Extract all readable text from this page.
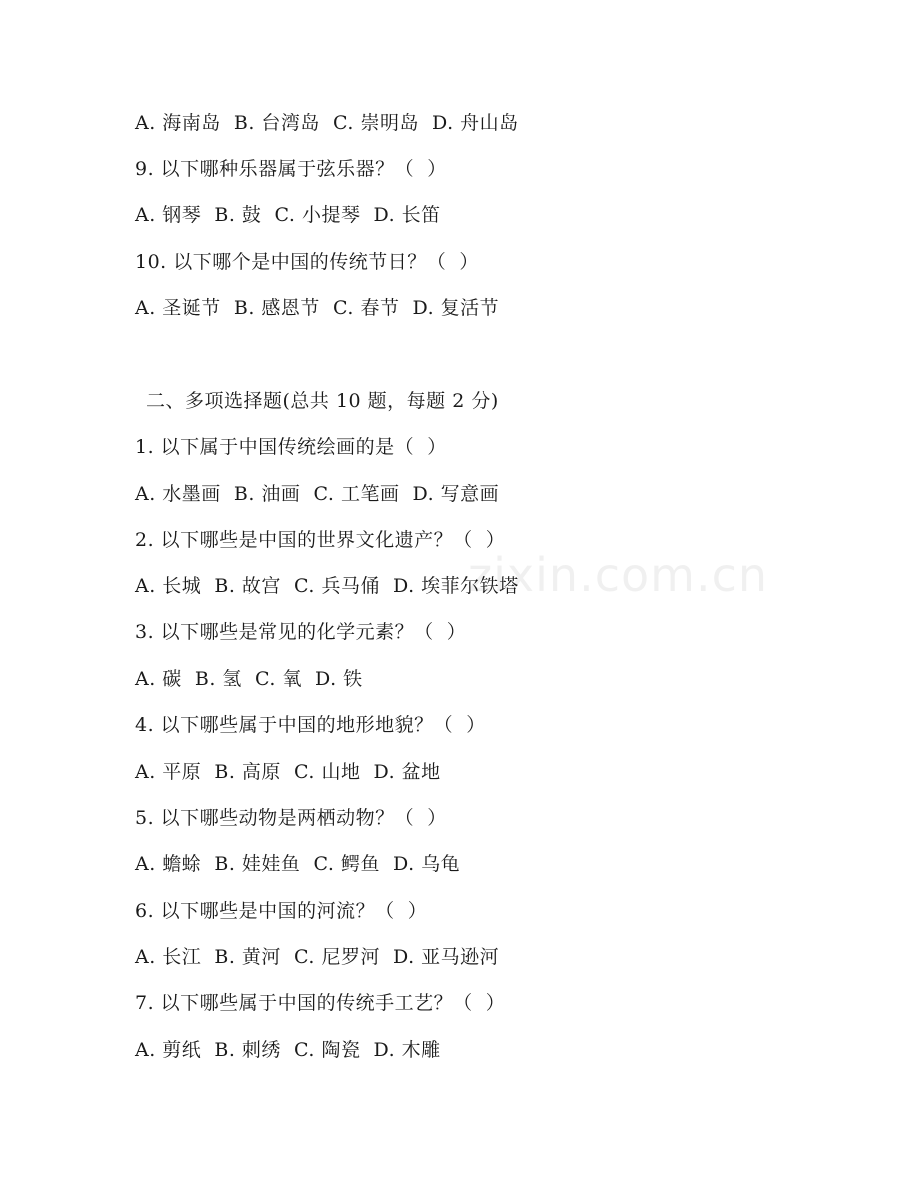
A. 海南岛  B. 台湾岛  C. 崇明岛  D. 舟山岛
9. 以下哪种乐器属于弦乐器？（  ）
A. 钢琴  B. 鼓  C. 小提琴  D. 长笛
10. 以下哪个是中国的传统节日？（  ）
A. 圣诞节  B. 感恩节  C. 春节  D. 复活节
二、多项选择题(总共 10 题，每题 2 分)
1. 以下属于中国传统绘画的是（  ）
A. 水墨画  B. 油画  C. 工笔画  D. 写意画
2. 以下哪些是中国的世界文化遗产？（  ）
A. 长城  B. 故宫  C. 兵马俑  D. 埃菲尔铁塔
3. 以下哪些是常见的化学元素？（  ）
A. 碳  B. 氢  C. 氧  D. 铁
4. 以下哪些属于中国的地形地貌？（  ）
A. 平原  B. 高原  C. 山地  D. 盆地
5. 以下哪些动物是两栖动物？（  ）
A. 蟾蜍  B. 娃娃鱼  C. 鳄鱼  D. 乌龟
6. 以下哪些是中国的河流？（  ）
A. 长江  B. 黄河  C. 尼罗河  D. 亚马逊河
7. 以下哪些属于中国的传统手工艺？（  ）
A. 剪纸  B. 刺绣  C. 陶瓷  D. 木雕
zixin.com.cn
